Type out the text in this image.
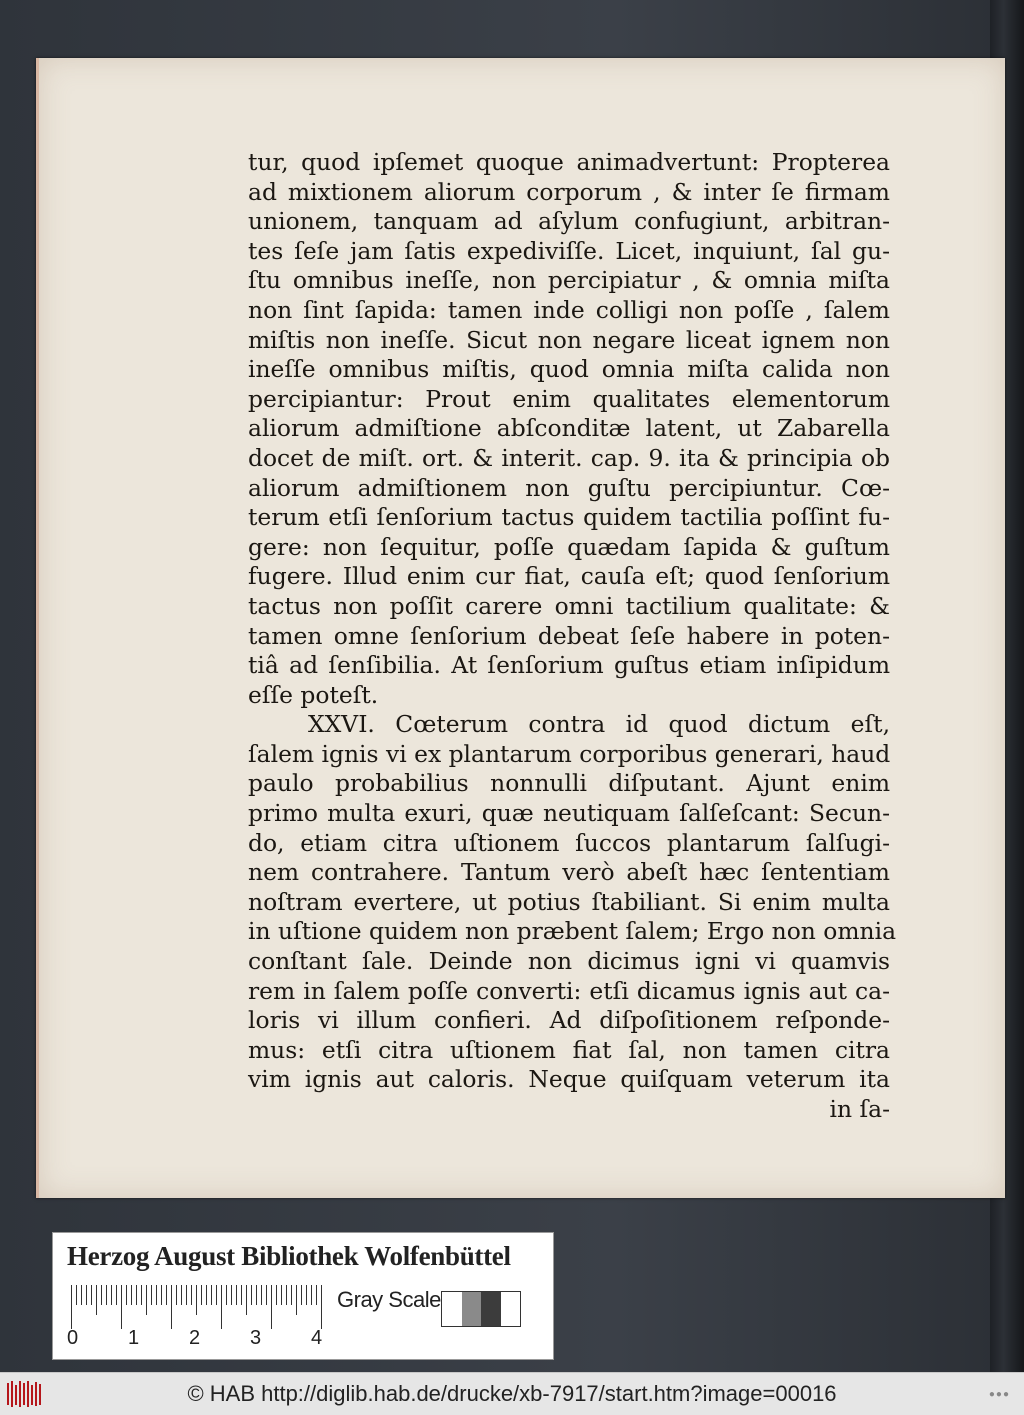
tur, quod ipſemet quoque animadvertunt: Propterea
ad mixtionem aliorum corporum , & inter ſe firmam
unionem, tanquam ad aſylum confugiunt, arbitran-
tes ſeſe jam ſatis expediviſſe. Licet, inquiunt, ſal gu-
ſtu omnibus ineſſe, non percipiatur , & omnia miſta
non ſint ſapida: tamen inde colligi non poſſe , ſalem
miſtis non ineſſe. Sicut non negare liceat ignem non
ineſſe omnibus miſtis, quod omnia miſta calida non
percipiantur: Prout enim qualitates elementorum
aliorum admiſtione abſconditæ latent, ut Zabarella
docet de miſt. ort. & interit. cap. 9. ita & principia ob
aliorum admiſtionem non guſtu percipiuntur. Cœ-
terum etſi ſenſorium tactus quidem tactilia poſſint fu-
gere: non ſequitur, poſſe quædam ſapida & guſtum
fugere. Illud enim cur fiat, cauſa eſt; quod ſenſorium
tactus non poſſit carere omni tactilium qualitate: &
tamen omne ſenſorium debeat ſeſe habere in poten-
tiâ ad ſenſibilia. At ſenſorium guſtus etiam inſipidum
eſſe poteſt.
XXVI. Cœterum contra id quod dictum eſt,
ſalem ignis vi ex plantarum corporibus generari, haud
paulo probabilius nonnulli diſputant. Ajunt enim
primo multa exuri, quæ neutiquam ſalſeſcant: Secun-
do, etiam citra uſtionem ſuccos plantarum ſalſugi-
nem contrahere. Tantum verò abeſt hæc ſententiam
noſtram evertere, ut potius ſtabiliant. Si enim multa
in uſtione quidem non præbent ſalem; Ergo non omnia
conſtant ſale. Deinde non dicimus igni vi quamvis
rem in ſalem poſſe converti: etſi dicamus ignis aut ca-
loris vi illum confieri. Ad diſpoſitionem reſponde-
mus: etſi citra uſtionem fiat ſal, non tamen citra
vim ignis aut caloris. Neque quiſquam veterum ita
in ſa-
Herzog August Bibliothek Wolfenbüttel
0 1 2 3 4
Gray Scale
© HAB http://diglib.hab.de/drucke/xb-7917/start.htm?image=00016	●●●
